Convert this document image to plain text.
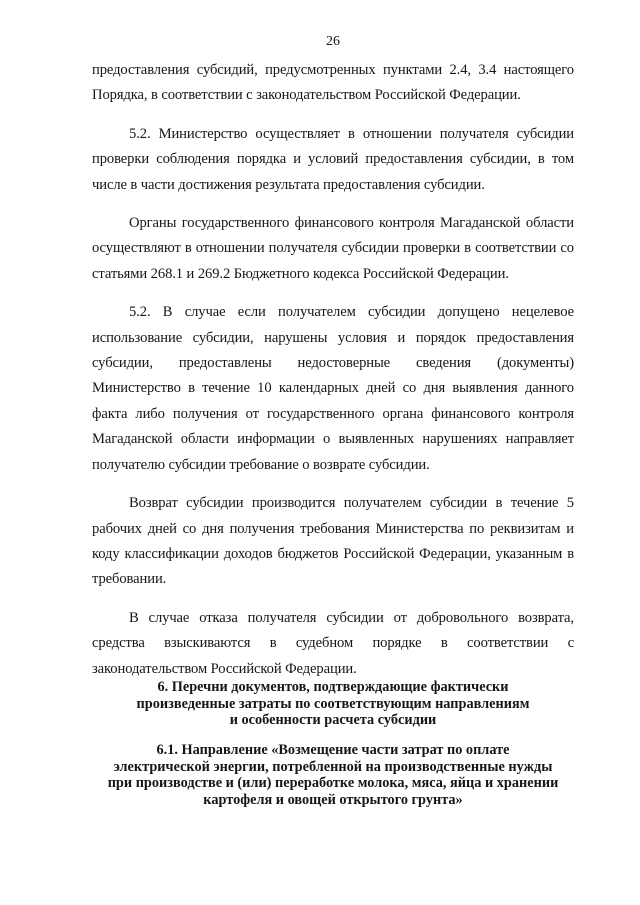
26

предоставления субсидий, предусмотренных пунктами 2.4, 3.4 настоящего Порядка, в соответствии с законодательством Российской Федерации.

5.2. Министерство осуществляет в отношении получателя субсидии проверки соблюдения порядка и условий предоставления субсидии, в том числе в части достижения результата предоставления субсидии.

Органы государственного финансового контроля Магаданской области осуществляют в отношении получателя субсидии проверки в соответствии со статьями 268.1 и 269.2 Бюджетного кодекса Российской Федерации.

5.2. В случае если получателем субсидии допущено нецелевое использование субсидии, нарушены условия и порядок предоставления субсидии, предоставлены недостоверные сведения (документы) Министерство в течение 10 календарных дней со дня выявления данного факта либо получения от государственного органа финансового контроля Магаданской области информации о выявленных нарушениях направляет получателю субсидии требование о возврате субсидии.

Возврат субсидии производится получателем субсидии в течение 5 рабочих дней со дня получения требования Министерства по реквизитам и коду классификации доходов бюджетов Российской Федерации, указанным в требовании.

В случае отказа получателя субсидии от добровольного возврата, средства взыскиваются в судебном порядке в соответствии с законодательством Российской Федерации.

6. Перечни документов, подтверждающие фактически

произведенные затраты по соответствующим направлениям

и особенности расчета субсидии

6.1. Направление «Возмещение части затрат по оплате

электрической энергии, потребленной на производственные нужды

при производстве и (или) переработке молока, мяса, яйца и хранении

картофеля и овощей открытого грунта»
